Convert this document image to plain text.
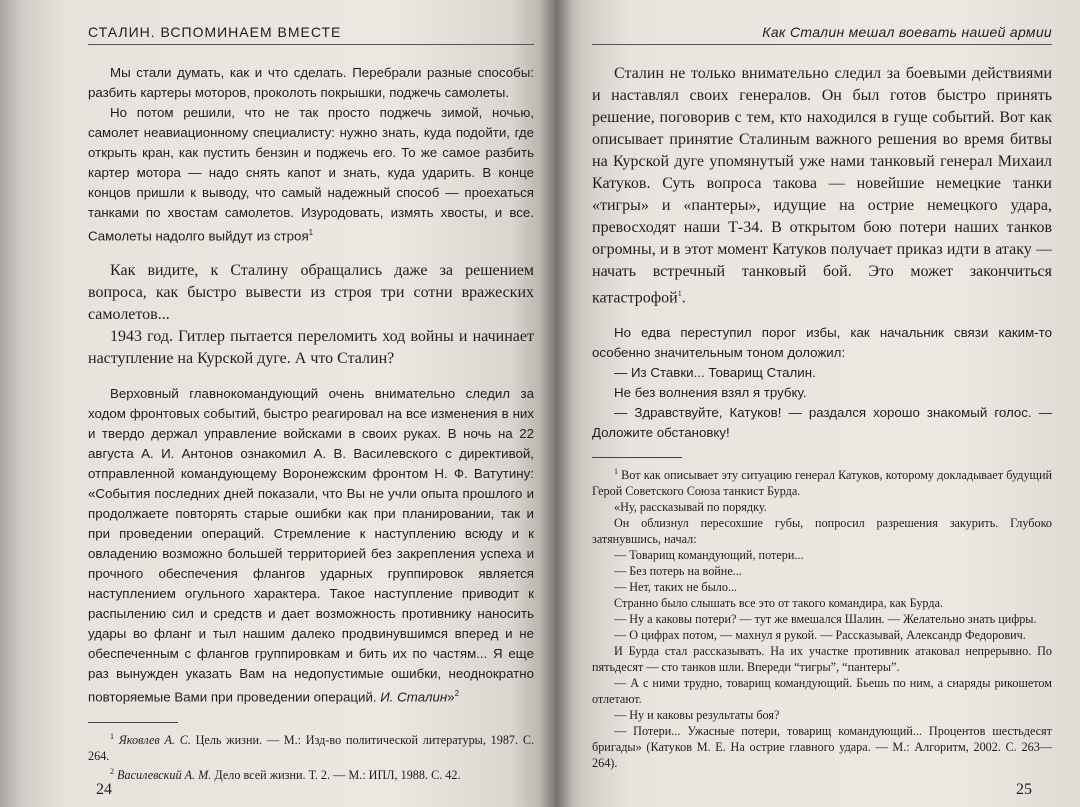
СТАЛИН. ВСПОМИНАЕМ ВМЕСТЕ

Мы стали думать, как и что сделать. Перебрали разные способы: разбить картеры моторов, проколоть покрышки, поджечь самолеты.

Но потом решили, что не так просто поджечь зимой, ночью, самолет неавиационному специалисту: нужно знать, куда подойти, где открыть кран, как пустить бензин и поджечь его. То же самое разбить картер мотора — надо снять капот и знать, куда ударить. В конце концов пришли к выводу, что самый надежный способ — проехаться танками по хвостам самолетов. Изуродовать, измять хвосты, и все. Самолеты надолго выйдут из строя$^1$

Как видите, к Сталину обращались даже за решением вопроса, как быстро вывести из строя три сотни вражеских самолетов...

1943 год. Гитлер пытается переломить ход войны и начинает наступление на Курской дуге. А что Сталин?

Верховный главнокомандующий очень внимательно следил за ходом фронтовых событий, быстро реагировал на все изменения в них и твердо держал управление войсками в своих руках. В ночь на 22 августа А. И. Антонов ознакомил А. В. Василевского с директивой, отправленной командующему Воронежским фронтом Н. Ф. Ватутину: «События последних дней показали, что Вы не учли опыта прошлого и продолжаете повторять старые ошибки как при планировании, так и при проведении операций. Стремление к наступлению всюду и к овладению возможно большей территорией без закрепления успеха и прочного обеспечения флангов ударных группировок является наступлением огульного характера. Такое наступление приводит к распылению сил и средств и дает возможность противнику наносить удары во фланг и тыл нашим далеко продвинувшимся вперед и не обеспеченным с флангов группировкам и бить их по частям... Я еще раз вынужден указать Вам на недопустимые ошибки, неоднократно повторяемые Вами при проведении операций. И. Сталин»$^2$

$^1$ Яковлев А. С. Цель жизни. — М.: Изд-во политической литературы, 1987. С. 264.

$^2$ Василевский А. М. Дело всей жизни. Т. 2. — М.: ИПЛ, 1988. С. 42.

24
Как Сталин мешал воевать нашей армии

Сталин не только внимательно следил за боевыми действиями и наставлял своих генералов. Он был готов быстро принять решение, поговорив с тем, кто находился в гуще событий. Вот как описывает принятие Сталиным важного решения во время битвы на Курской дуге упомянутый уже нами танковый генерал Михаил Катуков. Суть вопроса такова — новейшие немецкие танки «тигры» и «пантеры», идущие на острие немецкого удара, превосходят наши Т-34. В открытом бою потери наших танков огромны, и в этот момент Катуков получает приказ идти в атаку — начать встречный танковый бой. Это может закончиться катастрофой$^1$.

Но едва переступил порог избы, как начальник связи каким-то особенно значительным тоном доложил:

— Из Ставки... Товарищ Сталин.

Не без волнения взял я трубку.

— Здравствуйте, Катуков! — раздался хорошо знакомый голос. — Доложите обстановку!

$^1$ Вот как описывает эту ситуацию генерал Катуков, которому докладывает будущий Герой Советского Союза танкист Бурда.

«Ну, рассказывай по порядку.

Он облизнул пересохшие губы, попросил разрешения закурить. Глубоко затянувшись, начал:

— Товарищ командующий, потери...

— Без потерь на войне...

— Нет, таких не было...

Странно было слышать все это от такого командира, как Бурда.

— Ну а каковы потери? — тут же вмешался Шалин. — Желательно знать цифры.

— О цифрах потом, — махнул я рукой. — Рассказывай, Александр Федорович.

И Бурда стал рассказывать. На их участке противник атаковал непрерывно. По пятьдесят — сто танков шли. Впереди “тигры”, “пантеры”.

— А с ними трудно, товарищ командующий. Бьешь по ним, а снаряды рикошетом отлетают.

— Ну и каковы результаты боя?

— Потери... Ужасные потери, товарищ командующий... Процентов шестьдесят бригады» (Катуков М. Е. На острие главного удара. — М.: Алгоритм, 2002. С. 263—264).

25
